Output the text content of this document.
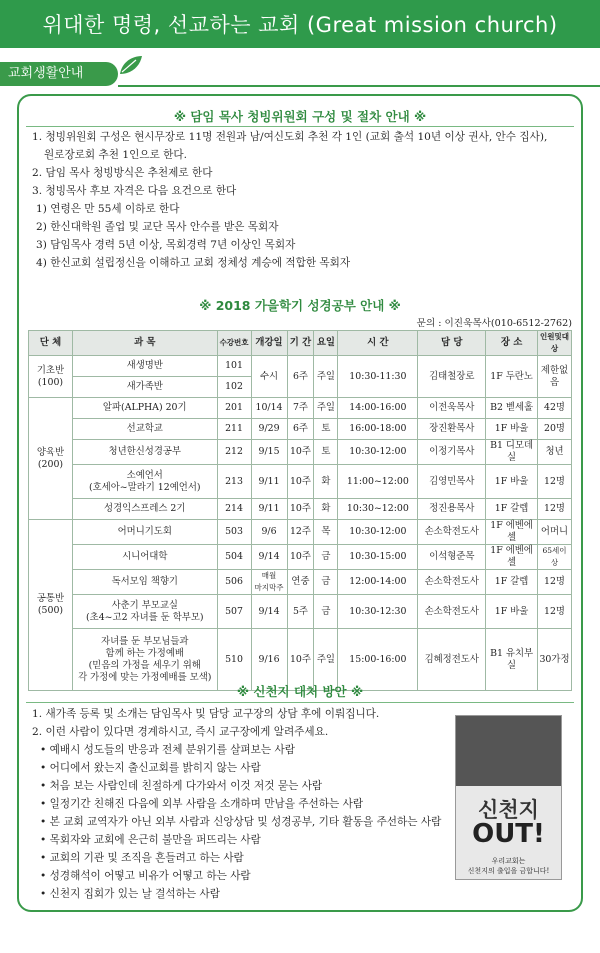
위대한 명령, 선교하는 교회 (Great mission church)
교회생활안내
※ 담임 목사 청빙위원회 구성 및 절차 안내 ※
1. 청빙위원회 구성은 현시무장로 11명 전원과 남/여신도회 추천 각 1인 (교회 출석 10년 이상 권사, 안수 집사),
원로장로회 추천 1인으로 한다.
2. 담임 목사 청빙방식은 추천제로 한다
3. 청빙목사 후보 자격은 다음 요건으로 한다
1) 연령은 만 55세 이하로 한다
2) 한신대학원 졸업 및 교단 목사 안수를 받은 목회자
3) 담임목사 경력 5년 이상, 목회경력 7년 이상인 목회자
4) 한신교회 설립정신을 이해하고 교회 정체성 계승에 적합한 목회자
※ 2018 가을학기 성경공부 안내 ※
문의 : 이진욱목사(010-6512-2762)
단 체	과 목	수강번호	개강일	기 간	요일	시 간	담 당	장 소	인원및대상

기초반
(100)	새생명반	101	수시	6주	주일	10:30-11:30	김태철장로	1F 두란노	제한없음
	새가족반	102							

양육반
(200)	알파(ALPHA) 20기	201	10/14	7주	주일	14:00-16:00	이전욱목사	B2 벧세홀	42명
	선교학교	211	9/29	6주	토	16:00-18:00	장진환목사	1F 바울	20명
	청년한신성경공부	212	9/15	10주	토	10:30-12:00	이정기목사	B1 디모데실	청년

	소예언서
(호세아~말라기 12예언서)	213	9/11	10주	화	11:00~12:00	김영민목사	1F 바울	12명
	성경익스프레스 2기	214	9/11	10주	화	10:30~12:00	정진용목사	1F 갈렙	12명

공통반
(500)	어머니기도회	503	9/6	12주	목	10:30-12:00	손소학전도사	1F 에벤에셀	어머니
	시니어대학	504	9/14	10주	금	10:30-15:00	이석형준목	1F 에벤에셀	65세이상
	독서모임 책향기	506	매월
마지막주	연중	금	12:00-14:00	손소학전도사	1F 갈렙	12명

	사춘기 부모교실
(초4~고2 자녀를 둔 학부모)	507	9/14	5주	금	10:30-12:30	손소학전도사	1F 바울	12명

	자녀를 둔 부모님들과
함께 하는 가정예배
(믿음의 가정을 세우기 위해
각 가정에 맞는 가정예배를 모색)	510	9/16	10주	주일	15:00-16:00	김혜정전도사	B1 유치부실	30가정
※ 신천지 대처 방안 ※
1. 새가족 등록 및 소개는 담임목사 및 담당 교구장의 상담 후에 이뤄집니다.
2. 이런 사람이 있다면 경계하시고, 즉시 교구장에게 알려주세요.
• 예배시 성도들의 반응과 전체 분위기를 살펴보는 사람
• 어디에서 왔는지 출신교회를 밝히지 않는 사람
• 처음 보는 사람인데 친절하게 다가와서 이것 저것 묻는 사람
• 일정기간 친해진 다음에 외부 사람을 소개하며 만남을 주선하는 사람
• 본 교회 교역자가 아닌 외부 사람과 신앙상담 및 성경공부, 기타 활동을 주선하는 사람
• 목회자와 교회에 은근히 불만을 퍼뜨리는 사람
• 교회의 기관 및 조직을 흔들려고 하는 사람
• 성경해석이 어떻고 비유가 어떻고 하는 사람
• 신천지 집회가 있는 날 결석하는 사람
신천지
OUT!
우리교회는
신천지의 출입을 금합니다!
